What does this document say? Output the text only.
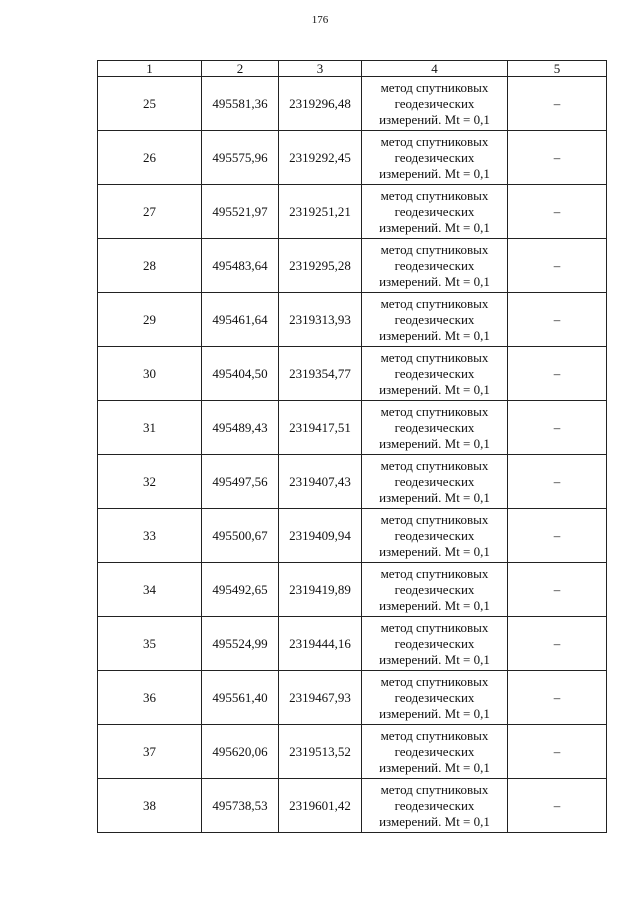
176
1	2	3	4	5
25	495581,36	2319296,48	метод спутниковых
геодезических
измерений. Mt = 0,1	–
26	495575,96	2319292,45	метод спутниковых
геодезических
измерений. Mt = 0,1	–
27	495521,97	2319251,21	метод спутниковых
геодезических
измерений. Mt = 0,1	–
28	495483,64	2319295,28	метод спутниковых
геодезических
измерений. Mt = 0,1	–
29	495461,64	2319313,93	метод спутниковых
геодезических
измерений. Mt = 0,1	–
30	495404,50	2319354,77	метод спутниковых
геодезических
измерений. Mt = 0,1	–
31	495489,43	2319417,51	метод спутниковых
геодезических
измерений. Mt = 0,1	–
32	495497,56	2319407,43	метод спутниковых
геодезических
измерений. Mt = 0,1	–
33	495500,67	2319409,94	метод спутниковых
геодезических
измерений. Mt = 0,1	–
34	495492,65	2319419,89	метод спутниковых
геодезических
измерений. Mt = 0,1	–
35	495524,99	2319444,16	метод спутниковых
геодезических
измерений. Mt = 0,1	–
36	495561,40	2319467,93	метод спутниковых
геодезических
измерений. Mt = 0,1	–
37	495620,06	2319513,52	метод спутниковых
геодезических
измерений. Mt = 0,1	–
38	495738,53	2319601,42	метод спутниковых
геодезических
измерений. Mt = 0,1	–
